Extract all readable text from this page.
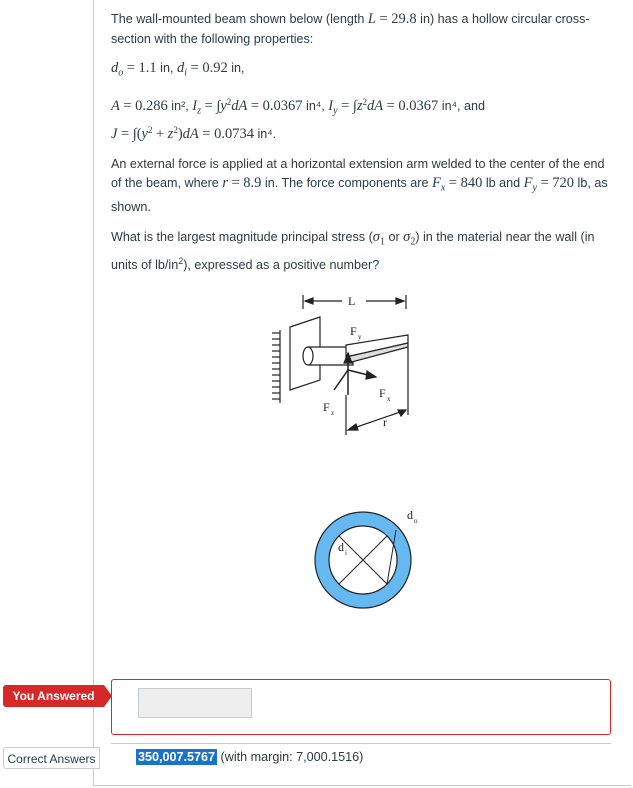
The wall-mounted beam shown below (length L = 29.8 in) has a hollow circular cross-section with the following properties:

$d_o = 1.1$ in, $d_i = 0.92$ in,

A = 0.286 in², $I_z = \int y^2dA = 0.0367$ in⁴, $I_y = \int z^2dA = 0.0367$ in⁴, and

$J = \int(y^2 + z^2)dA = 0.0734$ in⁴.

An external force is applied at a horizontal extension arm welded to the center of the end of the beam, where r = 8.9 in. The force components are $F_x = 840$ lb and $F_y = 720$ lb, as shown.

What is the largest magnitude principal stress ($\sigma_1$ or $\sigma_2$) in the material near the wall (in units of $lb/in^2$), expressed as a positive number?

L
F y
F x
F z
r
d i
d o
You Answered
Correct Answers	350,007.5767 (with margin: 7,000.1516)
